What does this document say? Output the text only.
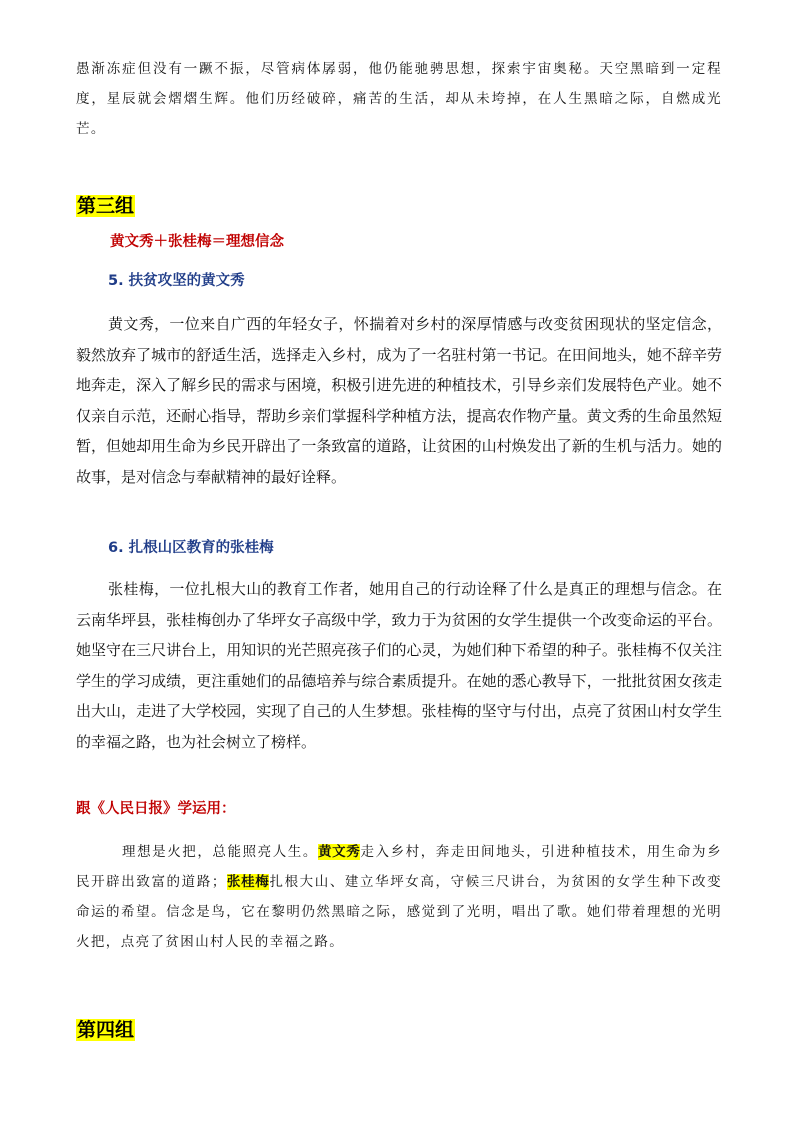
愚渐冻症但没有一蹶不振，尽管病体孱弱，他仍能驰骋思想，探索宇宙奥秘。天空黑暗到一定程度，星辰就会熠熠生辉。他们历经破碎，痛苦的生活，却从未垮掉，在人生黑暗之际，自燃成光芒。

第三组

黄文秀＋张桂梅＝理想信念

5. 扶贫攻坚的黄文秀

黄文秀，一位来自广西的年轻女子，怀揣着对乡村的深厚情感与改变贫困现状的坚定信念，毅然放弃了城市的舒适生活，选择走入乡村，成为了一名驻村第一书记。在田间地头，她不辞辛劳地奔走，深入了解乡民的需求与困境，积极引进先进的种植技术，引导乡亲们发展特色产业。她不仅亲自示范，还耐心指导，帮助乡亲们掌握科学种植方法，提高农作物产量。黄文秀的生命虽然短暂，但她却用生命为乡民开辟出了一条致富的道路，让贫困的山村焕发出了新的生机与活力。她的故事，是对信念与奉献精神的最好诠释。

6. 扎根山区教育的张桂梅

张桂梅，一位扎根大山的教育工作者，她用自己的行动诠释了什么是真正的理想与信念。在云南华坪县，张桂梅创办了华坪女子高级中学，致力于为贫困的女学生提供一个改变命运的平台。她坚守在三尺讲台上，用知识的光芒照亮孩子们的心灵，为她们种下希望的种子。张桂梅不仅关注学生的学习成绩，更注重她们的品德培养与综合素质提升。在她的悉心教导下，一批批贫困女孩走出大山，走进了大学校园，实现了自己的人生梦想。张桂梅的坚守与付出，点亮了贫困山村女学生的幸福之路，也为社会树立了榜样。

跟《人民日报》学运用：

理想是火把，总能照亮人生。黄文秀走入乡村，奔走田间地头，引进种植技术，用生命为乡民开辟出致富的道路；张桂梅扎根大山、建立华坪女高，守候三尺讲台，为贫困的女学生种下改变命运的希望。信念是鸟，它在黎明仍然黑暗之际，感觉到了光明，唱出了歌。她们带着理想的光明火把，点亮了贫困山村人民的幸福之路。

第四组
